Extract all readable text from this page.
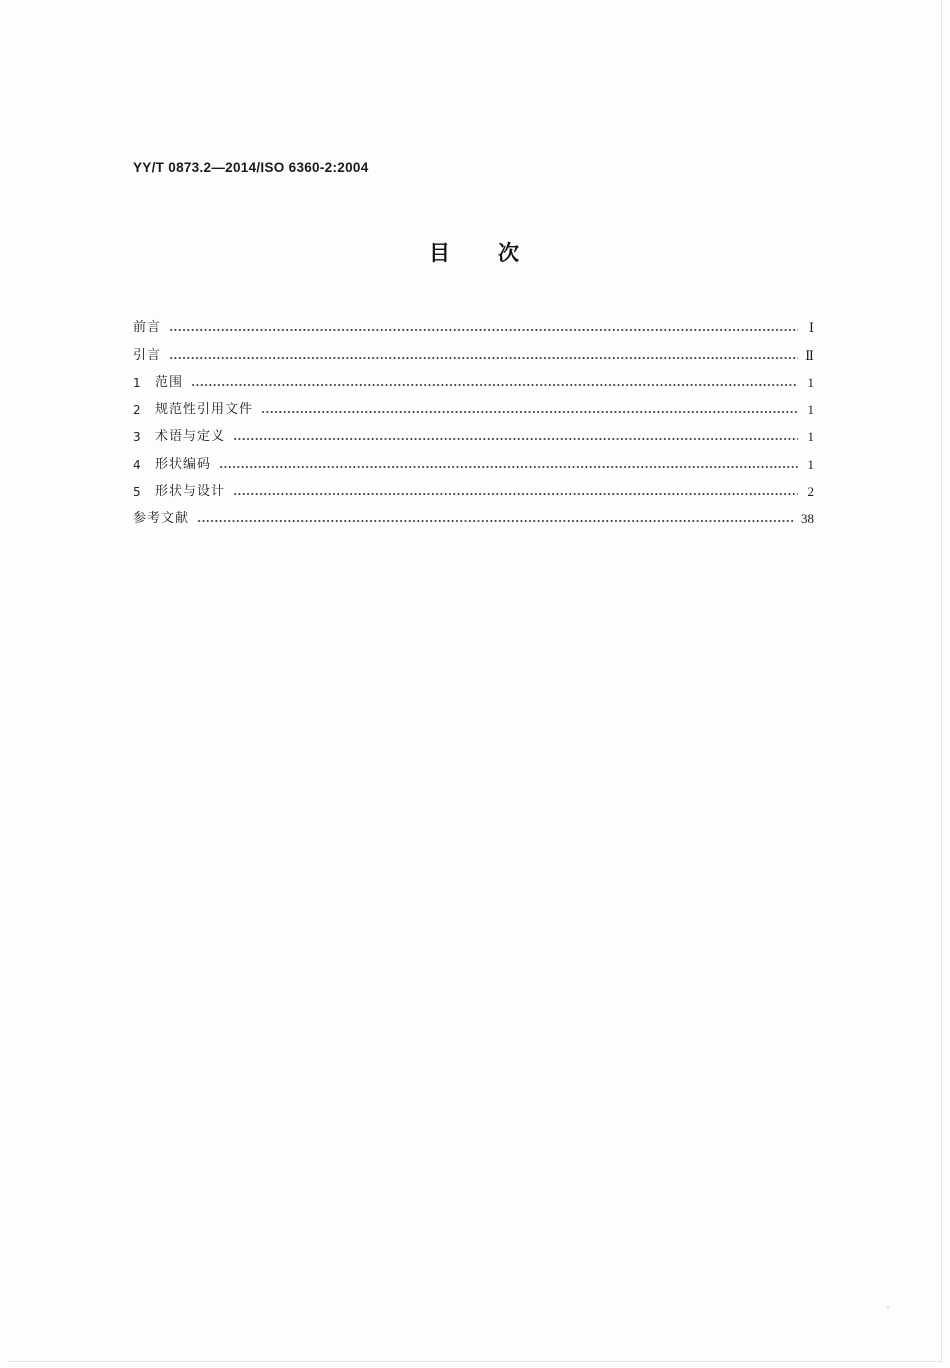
YY/T 0873.2—2014/ISO 6360-2:2004
目 次
前言	Ⅰ
引言	Ⅱ
1	范围	1
2	规范性引用文件	1
3	术语与定义	1
4	形状编码	1
5	形状与设计	2
参考文献	38
